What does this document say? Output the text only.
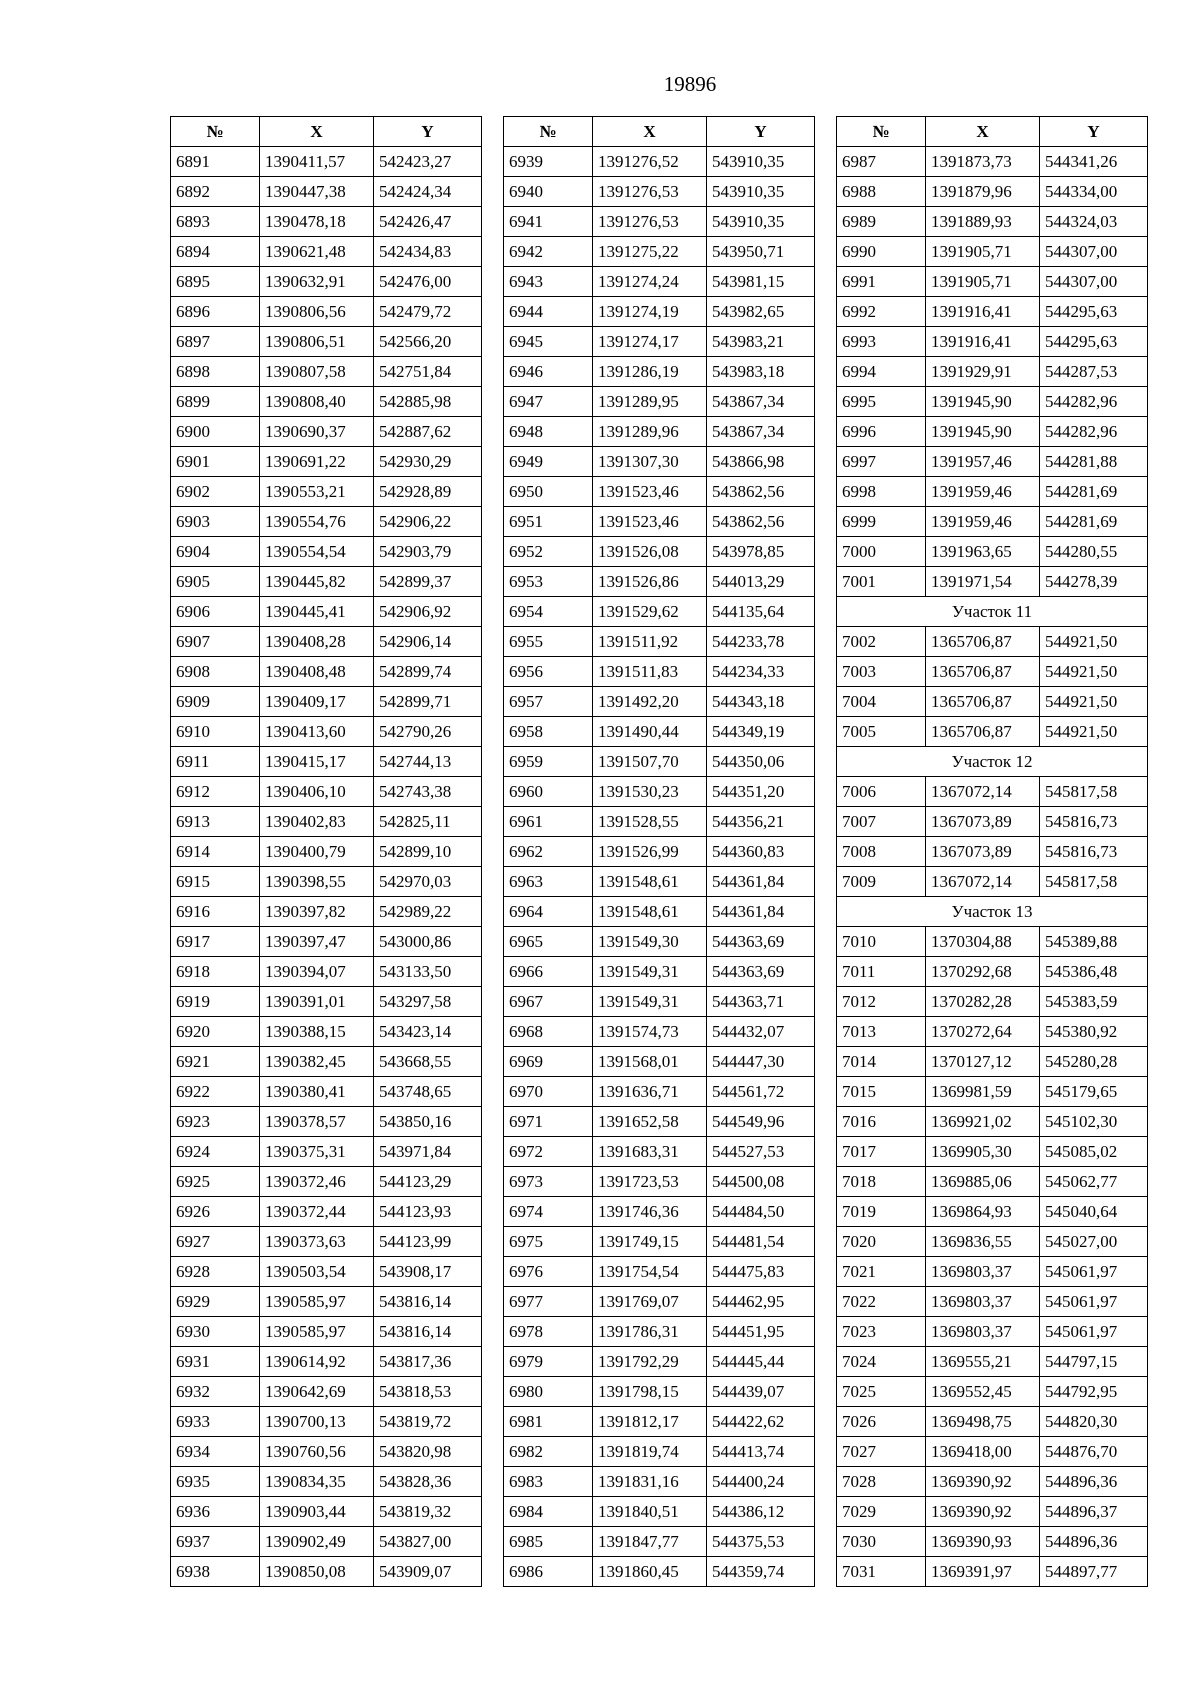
19896
№	X	Y
6891	1390411,57	542423,27
6892	1390447,38	542424,34
6893	1390478,18	542426,47
6894	1390621,48	542434,83
6895	1390632,91	542476,00
6896	1390806,56	542479,72
6897	1390806,51	542566,20
6898	1390807,58	542751,84
6899	1390808,40	542885,98
6900	1390690,37	542887,62
6901	1390691,22	542930,29
6902	1390553,21	542928,89
6903	1390554,76	542906,22
6904	1390554,54	542903,79
6905	1390445,82	542899,37
6906	1390445,41	542906,92
6907	1390408,28	542906,14
6908	1390408,48	542899,74
6909	1390409,17	542899,71
6910	1390413,60	542790,26
6911	1390415,17	542744,13
6912	1390406,10	542743,38
6913	1390402,83	542825,11
6914	1390400,79	542899,10
6915	1390398,55	542970,03
6916	1390397,82	542989,22
6917	1390397,47	543000,86
6918	1390394,07	543133,50
6919	1390391,01	543297,58
6920	1390388,15	543423,14
6921	1390382,45	543668,55
6922	1390380,41	543748,65
6923	1390378,57	543850,16
6924	1390375,31	543971,84
6925	1390372,46	544123,29
6926	1390372,44	544123,93
6927	1390373,63	544123,99
6928	1390503,54	543908,17
6929	1390585,97	543816,14
6930	1390585,97	543816,14
6931	1390614,92	543817,36
6932	1390642,69	543818,53
6933	1390700,13	543819,72
6934	1390760,56	543820,98
6935	1390834,35	543828,36
6936	1390903,44	543819,32
6937	1390902,49	543827,00
6938	1390850,08	543909,07
№	X	Y
6939	1391276,52	543910,35
6940	1391276,53	543910,35
6941	1391276,53	543910,35
6942	1391275,22	543950,71
6943	1391274,24	543981,15
6944	1391274,19	543982,65
6945	1391274,17	543983,21
6946	1391286,19	543983,18
6947	1391289,95	543867,34
6948	1391289,96	543867,34
6949	1391307,30	543866,98
6950	1391523,46	543862,56
6951	1391523,46	543862,56
6952	1391526,08	543978,85
6953	1391526,86	544013,29
6954	1391529,62	544135,64
6955	1391511,92	544233,78
6956	1391511,83	544234,33
6957	1391492,20	544343,18
6958	1391490,44	544349,19
6959	1391507,70	544350,06
6960	1391530,23	544351,20
6961	1391528,55	544356,21
6962	1391526,99	544360,83
6963	1391548,61	544361,84
6964	1391548,61	544361,84
6965	1391549,30	544363,69
6966	1391549,31	544363,69
6967	1391549,31	544363,71
6968	1391574,73	544432,07
6969	1391568,01	544447,30
6970	1391636,71	544561,72
6971	1391652,58	544549,96
6972	1391683,31	544527,53
6973	1391723,53	544500,08
6974	1391746,36	544484,50
6975	1391749,15	544481,54
6976	1391754,54	544475,83
6977	1391769,07	544462,95
6978	1391786,31	544451,95
6979	1391792,29	544445,44
6980	1391798,15	544439,07
6981	1391812,17	544422,62
6982	1391819,74	544413,74
6983	1391831,16	544400,24
6984	1391840,51	544386,12
6985	1391847,77	544375,53
6986	1391860,45	544359,74
№	X	Y
6987	1391873,73	544341,26
6988	1391879,96	544334,00
6989	1391889,93	544324,03
6990	1391905,71	544307,00
6991	1391905,71	544307,00
6992	1391916,41	544295,63
6993	1391916,41	544295,63
6994	1391929,91	544287,53
6995	1391945,90	544282,96
6996	1391945,90	544282,96
6997	1391957,46	544281,88
6998	1391959,46	544281,69
6999	1391959,46	544281,69
7000	1391963,65	544280,55
7001	1391971,54	544278,39
Участок 11		
7002	1365706,87	544921,50
7003	1365706,87	544921,50
7004	1365706,87	544921,50
7005	1365706,87	544921,50
Участок 12		
7006	1367072,14	545817,58
7007	1367073,89	545816,73
7008	1367073,89	545816,73
7009	1367072,14	545817,58
Участок 13		
7010	1370304,88	545389,88
7011	1370292,68	545386,48
7012	1370282,28	545383,59
7013	1370272,64	545380,92
7014	1370127,12	545280,28
7015	1369981,59	545179,65
7016	1369921,02	545102,30
7017	1369905,30	545085,02
7018	1369885,06	545062,77
7019	1369864,93	545040,64
7020	1369836,55	545027,00
7021	1369803,37	545061,97
7022	1369803,37	545061,97
7023	1369803,37	545061,97
7024	1369555,21	544797,15
7025	1369552,45	544792,95
7026	1369498,75	544820,30
7027	1369418,00	544876,70
7028	1369390,92	544896,36
7029	1369390,92	544896,37
7030	1369390,93	544896,36
7031	1369391,97	544897,77
